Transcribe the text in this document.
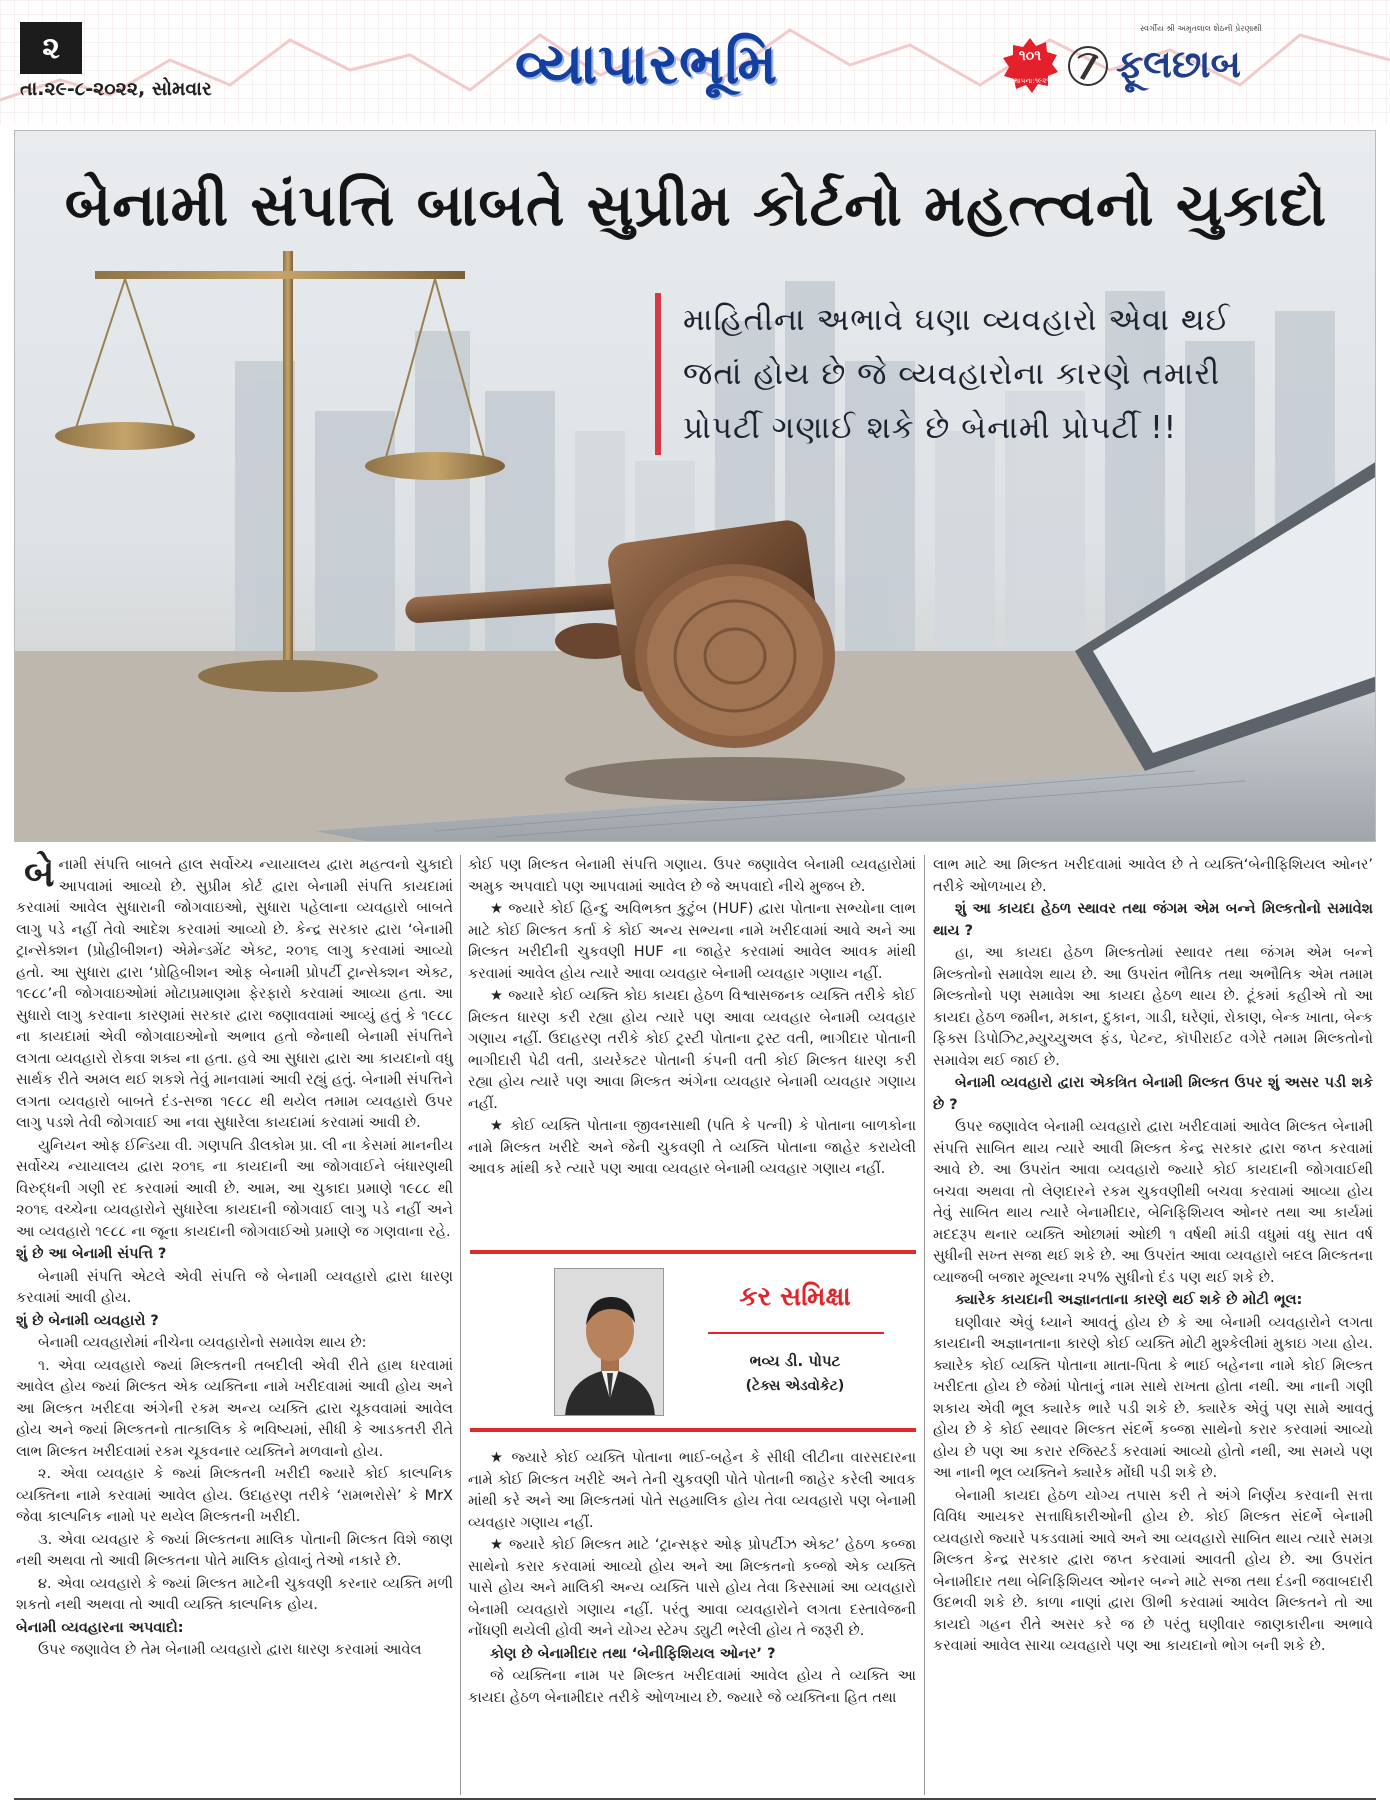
૨
તા.૨૯-૮-૨૦૨૨, સોમવાર	વ્યાપારભૂમિ	૧૦૧
સ્થાપના:૧૯૨૧
સ્વર્ગીય શ્રી અમૃતલાલ શેઠની પ્રેરણાથી
ફૂલછાબ
બેનામી સંપત્તિ બાબતે સુપ્રીમ કોર્ટનો મહત્ત્વનો ચુકાદો

માહિતીના અભાવે ઘણા વ્યવહારો એવા થઈ

જતાં હોય છે જે વ્યવહારોના કારણે તમારી

પ્રોપર્ટી ગણાઈ શકે છે બેનામી પ્રોપર્ટી !!

બેનામી સંપત્તિ બાબતે હાલ સર્વોચ્ચ ન્યાયાલય દ્વારા મહત્વનો ચુકાદો આપવામાં આવ્યો છે. સુપ્રીમ કોર્ટ દ્વારા બેનામી સંપત્તિ કાયદામાં કરવામાં આવેલ સુધારાની જોગવાઇઓ, સુધારા પહેલાના વ્યવહારો બાબતે લાગુ પડે નહીં તેવો આદેશ કરવામાં આવ્યો છે. કેન્દ્ર સરકાર દ્વારા ‘બેનામી ટ્રાન્સેક્શન (પ્રોહીબીશન) એમેન્ડમેંટ એક્ટ, ૨૦૧૬ લાગુ કરવામાં આવ્યો હતો. આ સુધારા દ્વારા ‘પ્રોહિબીશન ઓફ બેનામી પ્રોપર્ટી ટ્રાન્સેક્શન એક્ટ, ૧૯૮૮’ની જોગવાઇઓમાં મોટાપ્રમાણમા ફેરફારો કરવામાં આવ્યા હતા. આ સુધારો લાગુ કરવાના કારણમાં સરકાર દ્વારા જણાવવામાં આવ્યું હતું કે ૧૯૮૮ ના કાયદામાં એવી જોગવાઇઓનો અભાવ હતો જેનાથી બેનામી સંપત્તિને લગતા વ્યવહારો રોકવા શક્ય ના હતા. હવે આ સુધારા દ્વારા આ કાયદાનો વધુ સાર્થક રીતે અમલ થઈ શકશે તેવું માનવામાં આવી રહ્યું હતું. બેનામી સંપત્તિને લગતા વ્યવહારો બાબતે દંડ-સજા ૧૯૮૮ થી થયેલ તમામ વ્યવહારો ઉપર લાગુ પડશે તેવી જોગવાઈ આ નવા સુધારેલા કાયદામાં કરવામાં આવી છે.

યુનિયન ઓફ ઈન્ડિયા વી. ગણપતિ ડીલકોમ પ્રા. લી ના કેસમાં માનનીય સર્વોચ્ચ ન્યાયાલય દ્વારા ૨૦૧૬ ના કાયદાની આ જોગવાઈને બંધારણથી વિરુદ્ધની ગણી રદ કરવામાં આવી છે. આમ, આ ચુકાદા પ્રમાણે ૧૯૮૮ થી ૨૦૧૬ વચ્ચેના વ્યવહારોને સુધારેલા કાયદાની જોગવાઈ લાગુ પડે નહીં અને આ વ્યવહારો ૧૯૮૮ ના જૂના કાયદાની જોગવાઈઓ પ્રમાણે જ ગણવાના રહે.

શું છે આ બેનામી સંપત્તિ ?

બેનામી સંપત્તિ એટલે એવી સંપત્તિ જે બેનામી વ્યવહારો દ્વારા ધારણ કરવામાં આવી હોય.

શું છે બેનામી વ્યવહારો ?

બેનામી વ્યવહારોમાં નીચેના વ્યવહારોનો સમાવેશ થાય છે:

૧. એવા વ્યવહારો જ્યાં મિલ્કતની તબદીલી એવી રીતે હાથ ધરવામાં આવેલ હોય જ્યાં મિલ્કત એક વ્યક્તિના નામે ખરીદવામાં આવી હોય અને આ મિલ્કત ખરીદવા અંગેની રકમ અન્ય વ્યક્તિ દ્વારા ચૂકવવામાં આવેલ હોય અને જ્યાં મિલ્કતનો તાત્કાલિક કે ભવિષ્યમાં, સીધી કે આડકતરી રીતે લાભ મિલ્કત ખરીદવામાં રકમ ચૂકવનાર વ્યક્તિને મળવાનો હોય.

૨. એવા વ્યવહાર કે જ્યાં મિલ્કતની ખરીદી જ્યારે કોઈ કાલ્પનિક વ્યક્તિના નામે કરવામાં આવેલ હોય. ઉદાહરણ તરીકે ‘રામભરોસે’ કે MrX જેવા કાલ્પનિક નામો પર થયેલ મિલ્કતની ખરીદી.

૩. એવા વ્યવહાર કે જ્યાં મિલ્કતના માલિક પોતાની મિલ્કત વિશે જાણ નથી અથવા તો આવી મિલ્કતના પોતે માલિક હોવાનું તેઓ નકારે છે.

૪. એવા વ્યવહારો કે જ્યાં મિલ્કત માટેની ચુકવણી કરનાર વ્યક્તિ મળી શકતો નથી અથવા તો આવી વ્યક્તિ કાલ્પનિક હોય.

બેનામી વ્યવહારના અપવાદો:

ઉપર જણાવેલ છે તેમ બેનામી વ્યવહારો દ્વારા ધારણ કરવામાં આવેલ

કોઈ પણ મિલ્કત બેનામી સંપત્તિ ગણાય. ઉપર જણાવેલ બેનામી વ્યવહારોમાં અમુક અપવાદો પણ આપવામાં આવેલ છે જે અપવાદો નીચે મુજબ છે.

★ જ્યારે કોઈ હિન્દુ અવિભક્ત કુટુંબ (HUF) દ્વારા પોતાના સભ્યોના લાભ માટે કોઈ મિલ્કત કર્તા કે કોઈ અન્ય સભ્યના નામે ખરીદવામાં આવે અને આ મિલ્કત ખરીદીની ચુકવણી HUF ના જાહેર કરવામાં આવેલ આવક માંથી કરવામાં આવેલ હોય ત્યારે આવા વ્યવહાર બેનામી વ્યવહાર ગણાય નહીં.

★ જ્યારે કોઈ વ્યક્તિ કોઇ કાયદા હેઠળ વિશ્વાસજનક વ્યક્તિ તરીકે કોઈ મિલ્કત ધારણ કરી રહ્યા હોય ત્યારે પણ આવા વ્યવહાર બેનામી વ્યવહાર ગણાય નહીં. ઉદાહરણ તરીકે કોઈ ટ્રસ્ટી પોતાના ટ્રસ્ટ વતી, ભાગીદાર પોતાની ભાગીદારી પેઢી વતી, ડાયરેક્ટર પોતાની કંપની વતી કોઈ મિલ્કત ધારણ કરી રહ્યા હોય ત્યારે પણ આવા મિલ્કત અંગેના વ્યવહાર બેનામી વ્યવહાર ગણાય નહીં.

★ કોઈ વ્યક્તિ પોતાના જીવનસાથી (પતિ કે પત્ની) કે પોતાના બાળકોના નામે મિલ્કત ખરીદે અને જેની ચુકવણી તે વ્યક્તિ પોતાના જાહેર કરાયેલી આવક માંથી કરે ત્યારે પણ આવા વ્યવહાર બેનામી વ્યવહાર ગણાય નહીં.

કર સમિક્ષા
ભવ્ય ડી. પોપટ
(ટેક્સ એડવોકેટ)

★ જ્યારે કોઈ વ્યક્તિ પોતાના ભાઈ-બહેન કે સીધી લીટીના વારસદારના નામે કોઈ મિલ્કત ખરીદે અને તેની ચુકવણી પોતે પોતાની જાહેર કરેલી આવક માંથી કરે અને આ મિલ્કતમાં પોતે સહમાલિક હોય તેવા વ્યવહારો પણ બેનામી વ્યવહાર ગણાય નહીં.

★ જ્યારે કોઈ મિલ્કત માટે ‘ટ્રાન્સફર ઓફ પ્રોપર્ટીઝ એક્ટ’ હેઠળ કબ્જા સાથેનો કરાર કરવામાં આવ્યો હોય અને આ મિલ્કતનો કબ્જો એક વ્યક્તિ પાસે હોય અને માલિકી અન્ય વ્યક્તિ પાસે હોય તેવા કિસ્સામાં આ વ્યવહારો બેનામી વ્યવહારો ગણાય નહીં. પરંતુ આવા વ્યવહારોને લગતા દસ્તાવેજની નોંધણી થયેલી હોવી અને યોગ્ય સ્ટેમ્પ ડ્યુટી ભરેલી હોય તે જરૂરી છે.

કોણ છે બેનામીદાર તથા ‘બેનીફિશિયલ ઓનર’ ?

જે વ્યક્તિના નામ પર મિલ્કત ખરીદવામાં આવેલ હોય તે વ્યક્તિ આ કાયદા હેઠળ બેનામીદાર તરીકે ઓળખાય છે. જ્યારે જે વ્યક્તિના હિત તથા

લાભ માટે આ મિલ્કત ખરીદવામાં આવેલ છે તે વ્યક્તિ‘બેનીફિશિયલ ઓનર’ તરીકે ઓળખાય છે.

શું આ કાયદા હેઠળ સ્થાવર તથા જંગમ એમ બન્ને મિલ્કતોનો સમાવેશ થાય ?

હા, આ કાયદા હેઠળ મિલ્કતોમાં સ્થાવર તથા જંગમ એમ બન્ને મિલ્કતોનો સમાવેશ થાય છે. આ ઉપરાંત ભૌતિક તથા અભૌતિક એમ તમામ મિલ્કતોનો પણ સમાવેશ આ કાયદા હેઠળ થાય છે. ટૂંકમાં કહીએ તો આ કાયદા હેઠળ જમીન, મકાન, દુકાન, ગાડી, ઘરેણાં, રોકાણ, બેન્ક ખાતા, બેન્ક ફિક્સ ડિપોઝિટ,મ્યુચ્યુઅલ ફંડ, પેટન્ટ, કૉપીરાઈટ વગેરે તમામ મિલ્કતોનો સમાવેશ થઈ જાઈ છે.

બેનામી વ્યવહારો દ્વારા એકત્રિત બેનામી મિલ્કત ઉપર શું અસર પડી શકે છે ?

ઉપર જણાવેલ બેનામી વ્યવહારો દ્વારા ખરીદવામાં આવેલ મિલ્કત બેનામી સંપત્તિ સાબિત થાય ત્યારે આવી મિલ્કત કેન્દ્ર સરકાર દ્વારા જપ્ત કરવામાં આવે છે. આ ઉપરાંત આવા વ્યવહારો જ્યારે કોઈ કાયદાની જોગવાઈથી બચવા અથવા તો લેણદારને રકમ ચુકવણીથી બચવા કરવામાં આવ્યા હોય તેવું સાબિત થાય ત્યારે બેનામીદાર, બેનિફિશિયલ ઓનર તથા આ કાર્યમાં મદદરૂપ થનાર વ્યક્તિ ઓછામાં ઓછી ૧ વર્ષથી માંડી વધુમાં વધુ સાત વર્ષ સુધીની સખ્ત સજા થઈ શકે છે. આ ઉપરાંત આવા વ્યવહારો બદલ મિલ્કતના વ્યાજબી બજાર મૂલ્યના ૨૫% સુધીનો દંડ પણ થઈ શકે છે.

ક્યારેક કાયદાની અજ્ઞાનતાના કારણે થઈ શકે છે મોટી ભૂલ:

ઘણીવાર એવું ધ્યાને આવતું હોય છે કે આ બેનામી વ્યવહારોને લગતા કાયદાની અજ્ઞાનતાના કારણે કોઈ વ્યક્તિ મોટી મુશ્કેલીમાં મુકાઇ ગયા હોય. ક્યારેક કોઈ વ્યક્તિ પોતાના માતા-પિતા કે ભાઈ બહેનના નામે કોઈ મિલ્કત ખરીદતા હોય છે જેમાં પોતાનું નામ સાથે રાખતા હોતા નથી. આ નાની ગણી શકાય એવી ભૂલ ક્યારેક ભારે પડી શકે છે. ક્યારેક એવું પણ સામે આવતું હોય છે કે કોઈ સ્થાવર મિલ્કત સંદર્ભે કબ્જા સાથેનો કરાર કરવામાં આવ્યો હોય છે પણ આ કરાર રજિસ્ટર્ડ કરવામાં આવ્યો હોતો નથી, આ સમયે પણ આ નાની ભૂલ વ્યક્તિને ક્યારેક મોંઘી પડી શકે છે.

બેનામી કાયદા હેઠળ યોગ્ય તપાસ કરી તે અંગે નિર્ણય કરવાની સત્તા વિવિધ આયકર સત્તાધિકારીઓની હોય છે. કોઈ મિલ્કત સંદર્ભે બેનામી વ્યવહારો જ્યારે પકડવામાં આવે અને આ વ્યવહારો સાબિત થાય ત્યારે સમગ્ર મિલ્કત કેન્દ્ર સરકાર દ્વારા જપ્ત કરવામાં આવતી હોય છે. આ ઉપરાંત બેનામીદાર તથા બેનિફિશિયલ ઓનર બન્ને માટે સજા તથા દંડની જવાબદારી ઉદભવી શકે છે. કાળા નાણાં દ્વારા ઊભી કરવામાં આવેલ મિલ્કતને તો આ કાયદો ગહન રીતે અસર કરે જ છે પરંતુ ઘણીવાર જાણકારીના અભાવે કરવામાં આવેલ સાચા વ્યવહારો પણ આ કાયદાનો ભોગ બની શકે છે.
